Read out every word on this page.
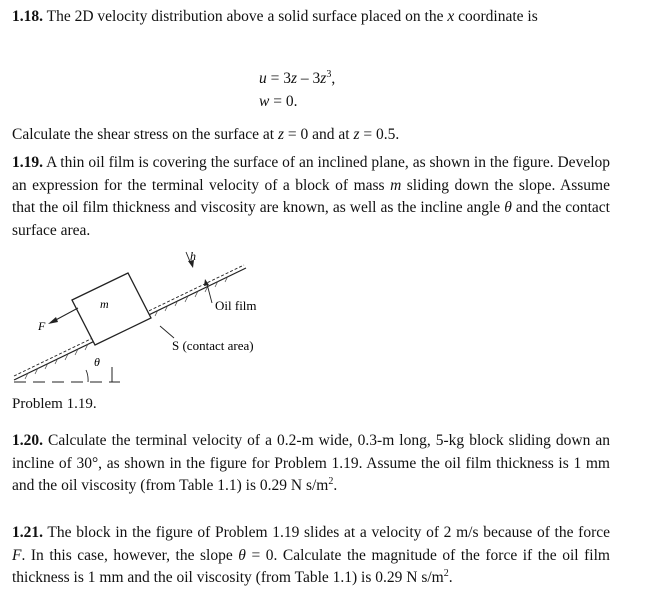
1.18. The 2D velocity distribution above a solid surface placed on the x coordinate is

$u = 3z - 3z^3$,
w = 0.

Calculate the shear stress on the surface at z = 0 and at z = 0.5.

1.19. A thin oil film is covering the surface of an inclined plane, as shown in the figure. Develop an expression for the terminal velocity of a block of mass m sliding down the slope. Assume that the oil film thickness and viscosity are known, as well as the incline angle θ and the contact surface area.

h
m
F
θ
Oil film
S (contact area)
Problem 1.19.

1.20. Calculate the terminal velocity of a 0.2-m wide, 0.3-m long, 5-kg block sliding down an incline of 30°, as shown in the figure for Problem 1.19. Assume the oil film thickness is 1 mm and the oil viscosity (from Table 1.1) is 0.29 N $s/m^2$.

1.21. The block in the figure of Problem 1.19 slides at a velocity of 2 m/s because of the force F. In this case, however, the slope θ = 0. Calculate the magnitude of the force if the oil film thickness is 1 mm and the oil viscosity (from Table 1.1) is 0.29 N $s/m^2$.
